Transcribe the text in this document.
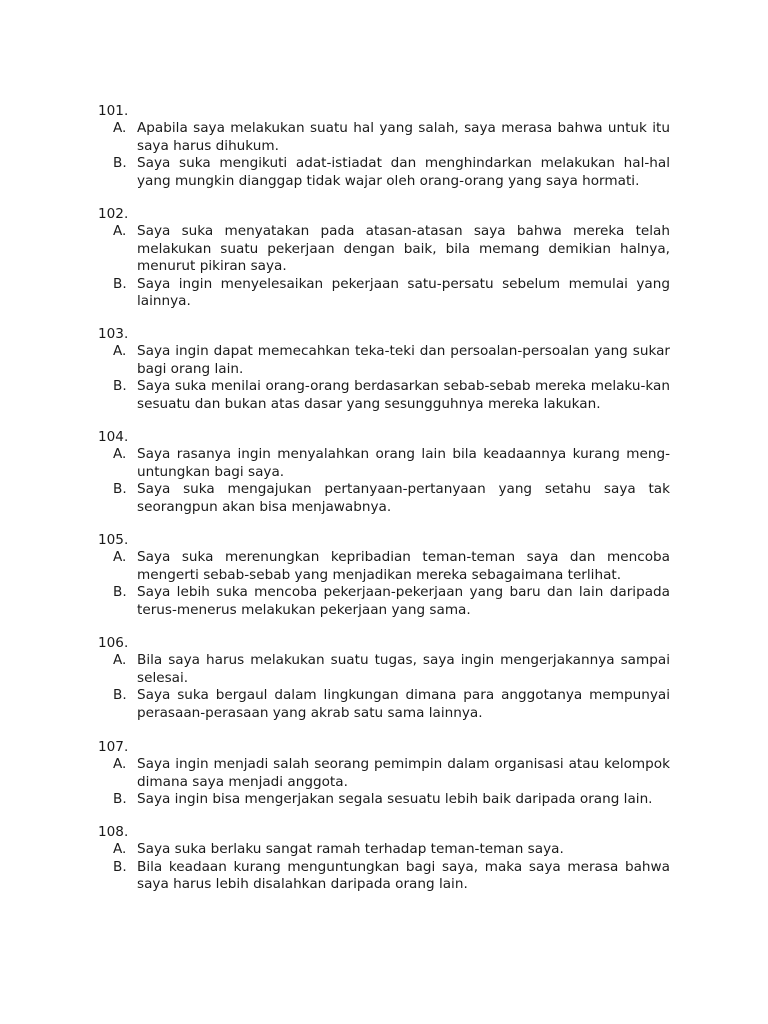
101.
A. Apabila saya melakukan suatu hal yang salah, saya merasa bahwa untuk itu saya harus dihukum.
B. Saya suka mengikuti adat-istiadat dan menghindarkan melakukan hal-hal yang mungkin dianggap tidak wajar oleh orang-orang yang saya hormati.
102.
A. Saya suka menyatakan pada atasan-atasan saya bahwa mereka telah melakukan suatu pekerjaan dengan baik, bila memang demikian halnya, menurut pikiran saya.
B. Saya ingin menyelesaikan pekerjaan satu-persatu sebelum memulai yang lainnya.
103.
A. Saya ingin dapat memecahkan teka-teki dan persoalan-persoalan yang sukar bagi orang lain.
B. Saya suka menilai orang-orang berdasarkan sebab-sebab mereka melaku-kan sesuatu dan bukan atas dasar yang sesungguhnya mereka lakukan.
104.
A. Saya rasanya ingin menyalahkan orang lain bila keadaannya kurang meng-untungkan bagi saya.
B. Saya suka mengajukan pertanyaan-pertanyaan yang setahu saya tak seorangpun akan bisa menjawabnya.
105.
A. Saya suka merenungkan kepribadian teman-teman saya dan mencoba mengerti sebab-sebab yang menjadikan mereka sebagaimana terlihat.
B. Saya lebih suka mencoba pekerjaan-pekerjaan yang baru dan lain daripada terus-menerus melakukan pekerjaan yang sama.
106.
A. Bila saya harus melakukan suatu tugas, saya ingin mengerjakannya sampai selesai.
B. Saya suka bergaul dalam lingkungan dimana para anggotanya mempunyai perasaan-perasaan yang akrab satu sama lainnya.
107.
A. Saya ingin menjadi salah seorang pemimpin dalam organisasi atau kelompok dimana saya menjadi anggota.
B. Saya ingin bisa mengerjakan segala sesuatu lebih baik daripada orang lain.
108.
A. Saya suka berlaku sangat ramah terhadap teman-teman saya.
B. Bila keadaan kurang menguntungkan bagi saya, maka saya merasa bahwa saya harus lebih disalahkan daripada orang lain.
